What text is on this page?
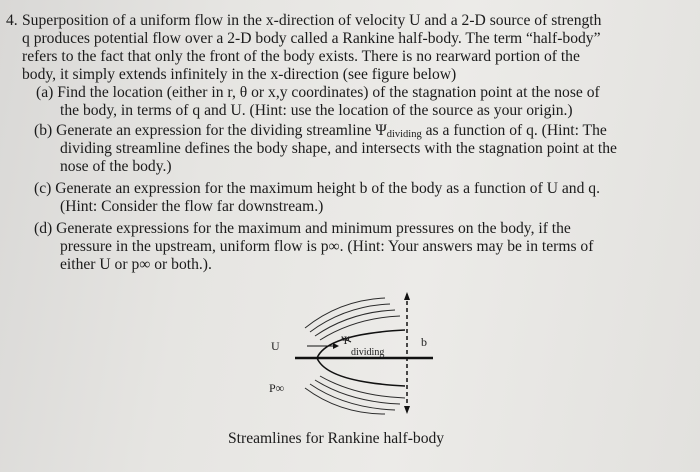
4. Superposition of a uniform flow in the x-direction of velocity U and a 2-D source of strength
q produces potential flow over a 2-D body called a Rankine half-body. The term “half-body”
refers to the fact that only the front of the body exists. There is no rearward portion of the
body, it simply extends infinitely in the x-direction (see figure below)
(a) Find the location (either in r, θ or x,y coordinates) of the stagnation point at the nose of
the body, in terms of q and U. (Hint: use the location of the source as your origin.)
(b) Generate an expression for the dividing streamline Ψdividing as a function of q. (Hint: The
dividing streamline defines the body shape, and intersects with the stagnation point at the
nose of the body.)
(c) Generate an expression for the maximum height b of the body as a function of U and q.
(Hint: Consider the flow far downstream.)
(d) Generate expressions for the maximum and minimum pressures on the body, if the
pressure in the upstream, uniform flow is p∞. (Hint: Your answers may be in terms of
either U or p∞ or both.).
U	Ψ
dividing
b
P∞
Streamlines for Rankine half-body
